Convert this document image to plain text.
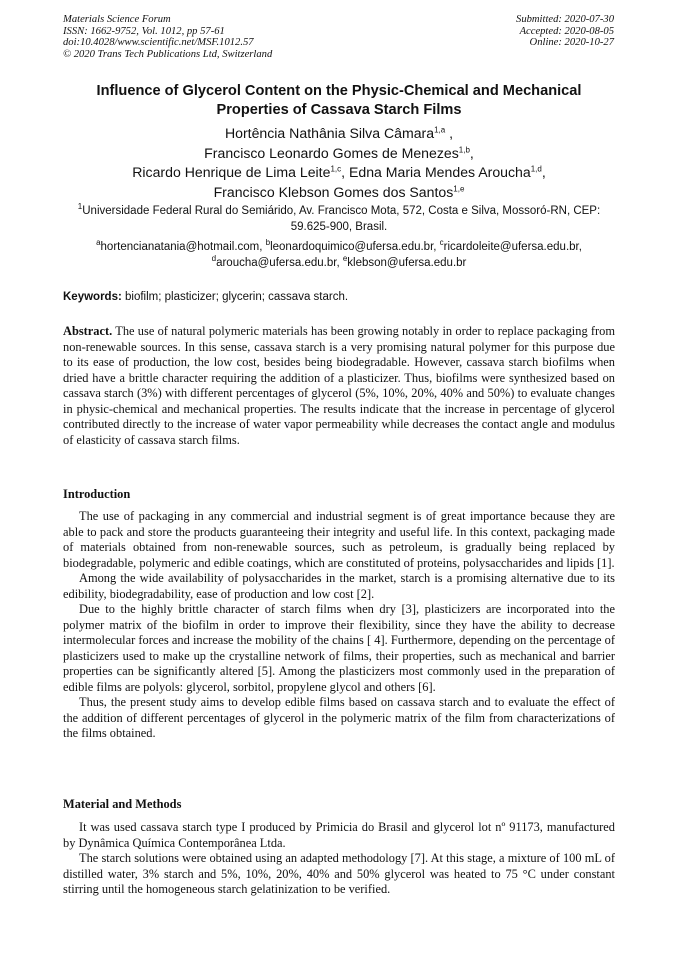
Materials Science Forum
ISSN: 1662-9752, Vol. 1012, pp 57-61
doi:10.4028/www.scientific.net/MSF.1012.57
© 2020 Trans Tech Publications Ltd, Switzerland
Submitted: 2020-07-30
Accepted: 2020-08-05
Online: 2020-10-27
Influence of Glycerol Content on the Physic-Chemical and Mechanical Properties of Cassava Starch Films
Hortência Nathânia Silva Câmara$^{1,a}$ ,
Francisco Leonardo Gomes de Menezes$^{1,b}$,
Ricardo Henrique de Lima Leite$^{1,c}$, Edna Maria Mendes Aroucha$^{1,d}$,
Francisco Klebson Gomes dos Santos$^{1,e}$
$^1$Universidade Federal Rural do Semiárido, Av. Francisco Mota, 572, Costa e Silva, Mossoró-RN, CEP: 59.625-900, Brasil.
$^a$hortencianatania@hotmail.com, $^b$leonardoquimico@ufersa.edu.br, $^c$ricardoleite@ufersa.edu.br,
$^d$aroucha@ufersa.edu.br, $^e$klebson@ufersa.edu.br
Keywords: biofilm; plasticizer; glycerin; cassava starch.
Abstract. The use of natural polymeric materials has been growing notably in order to replace packaging from non-renewable sources. In this sense, cassava starch is a very promising natural polymer for this purpose due to its ease of production, the low cost, besides being biodegradable. However, cassava starch biofilms when dried have a brittle character requiring the addition of a plasticizer. Thus, biofilms were synthesized based on cassava starch (3%) with different percentages of glycerol (5%, 10%, 20%, 40% and 50%) to evaluate changes in physic-chemical and mechanical properties. The results indicate that the increase in percentage of glycerol contributed directly to the increase of water vapor permeability while decreases the contact angle and modulus of elasticity of cassava starch films.
Introduction

The use of packaging in any commercial and industrial segment is of great importance because they are able to pack and store the products guaranteeing their integrity and useful life. In this context, packaging made of materials obtained from non-renewable sources, such as petroleum, is gradually being replaced by biodegradable, polymeric and edible coatings, which are constituted of proteins, polysaccharides and lipids [1].

Among the wide availability of polysaccharides in the market, starch is a promising alternative due to its edibility, biodegradability, ease of production and low cost [2].

Due to the highly brittle character of starch films when dry [3], plasticizers are incorporated into the polymer matrix of the biofilm in order to improve their flexibility, since they have the ability to decrease intermolecular forces and increase the mobility of the chains [ 4]. Furthermore, depending on the percentage of plasticizers used to make up the crystalline network of films, their properties, such as mechanical and barrier properties can be significantly altered [5]. Among the plasticizers most commonly used in the preparation of edible films are polyols: glycerol, sorbitol, propylene glycol and others [6].

Thus, the present study aims to develop edible films based on cassava starch and to evaluate the effect of the addition of different percentages of glycerol in the polymeric matrix of the film from characterizations of the films obtained.

Material and Methods

It was used cassava starch type I produced by Primicia do Brasil and glycerol lot nº 91173, manufactured by Dynâmica Química Contemporânea Ltda.

The starch solutions were obtained using an adapted methodology [7]. At this stage, a mixture of 100 mL of distilled water, 3% starch and 5%, 10%, 20%, 40% and 50% glycerol was heated to 75 °C under constant stirring until the homogeneous starch gelatinization to be verified.
